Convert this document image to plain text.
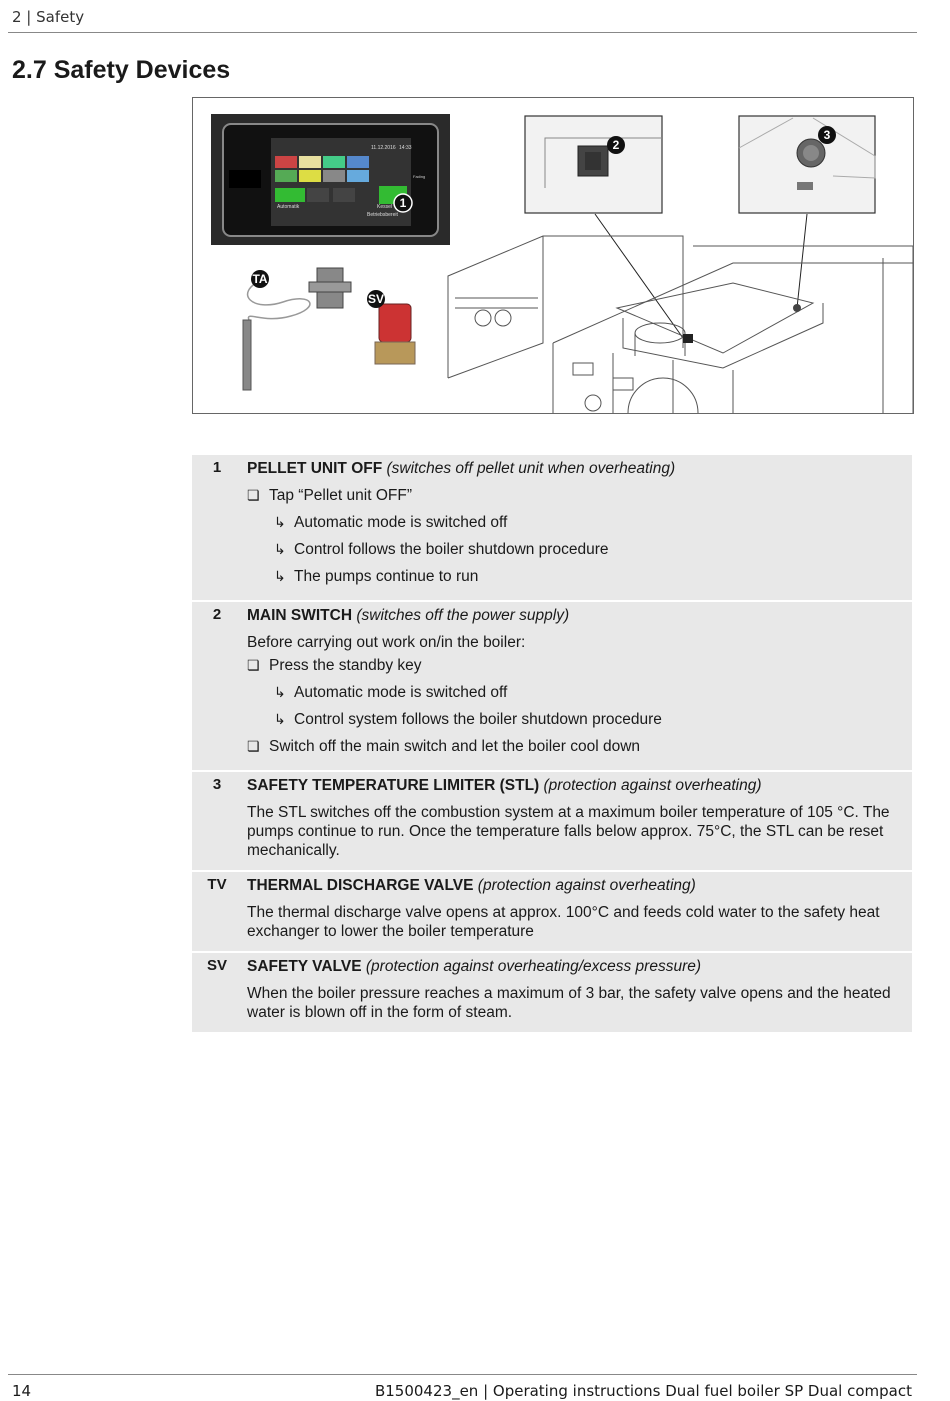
2 | Safety
2.7 Safety Devices
11.12.2016 14:33
Fading
Automatik	Kessel
Betriebsbereit
1
2
3
TA
SV
1	PELLET UNIT OFF (switches off pellet unit when overheating)
❏ Tap “Pellet unit OFF”
↳ Automatic mode is switched off
↳ Control follows the boiler shutdown procedure
↳ The pumps continue to run
2	MAIN SWITCH (switches off the power supply)

Before carrying out work on/in the boiler:

❏ Press the standby key
↳ Automatic mode is switched off
↳ Control system follows the boiler shutdown procedure
❏ Switch off the main switch and let the boiler cool down
3	SAFETY TEMPERATURE LIMITER (STL) (protection against overheating)

The STL switches off the combustion system at a maximum boiler temperature of 105 °C. The pumps continue to run. Once the temperature falls below approx. 75°C, the STL can be reset mechanically.

TV	THERMAL DISCHARGE VALVE (protection against overheating)

The thermal discharge valve opens at approx. 100°C and feeds cold water to the safety heat exchanger to lower the boiler temperature

SV	SAFETY VALVE (protection against overheating/excess pressure)

When the boiler pressure reaches a maximum of 3 bar, the safety valve opens and the heated water is blown off in the form of steam.

14	B1500423_en | Operating instructions Dual fuel boiler SP Dual compact
